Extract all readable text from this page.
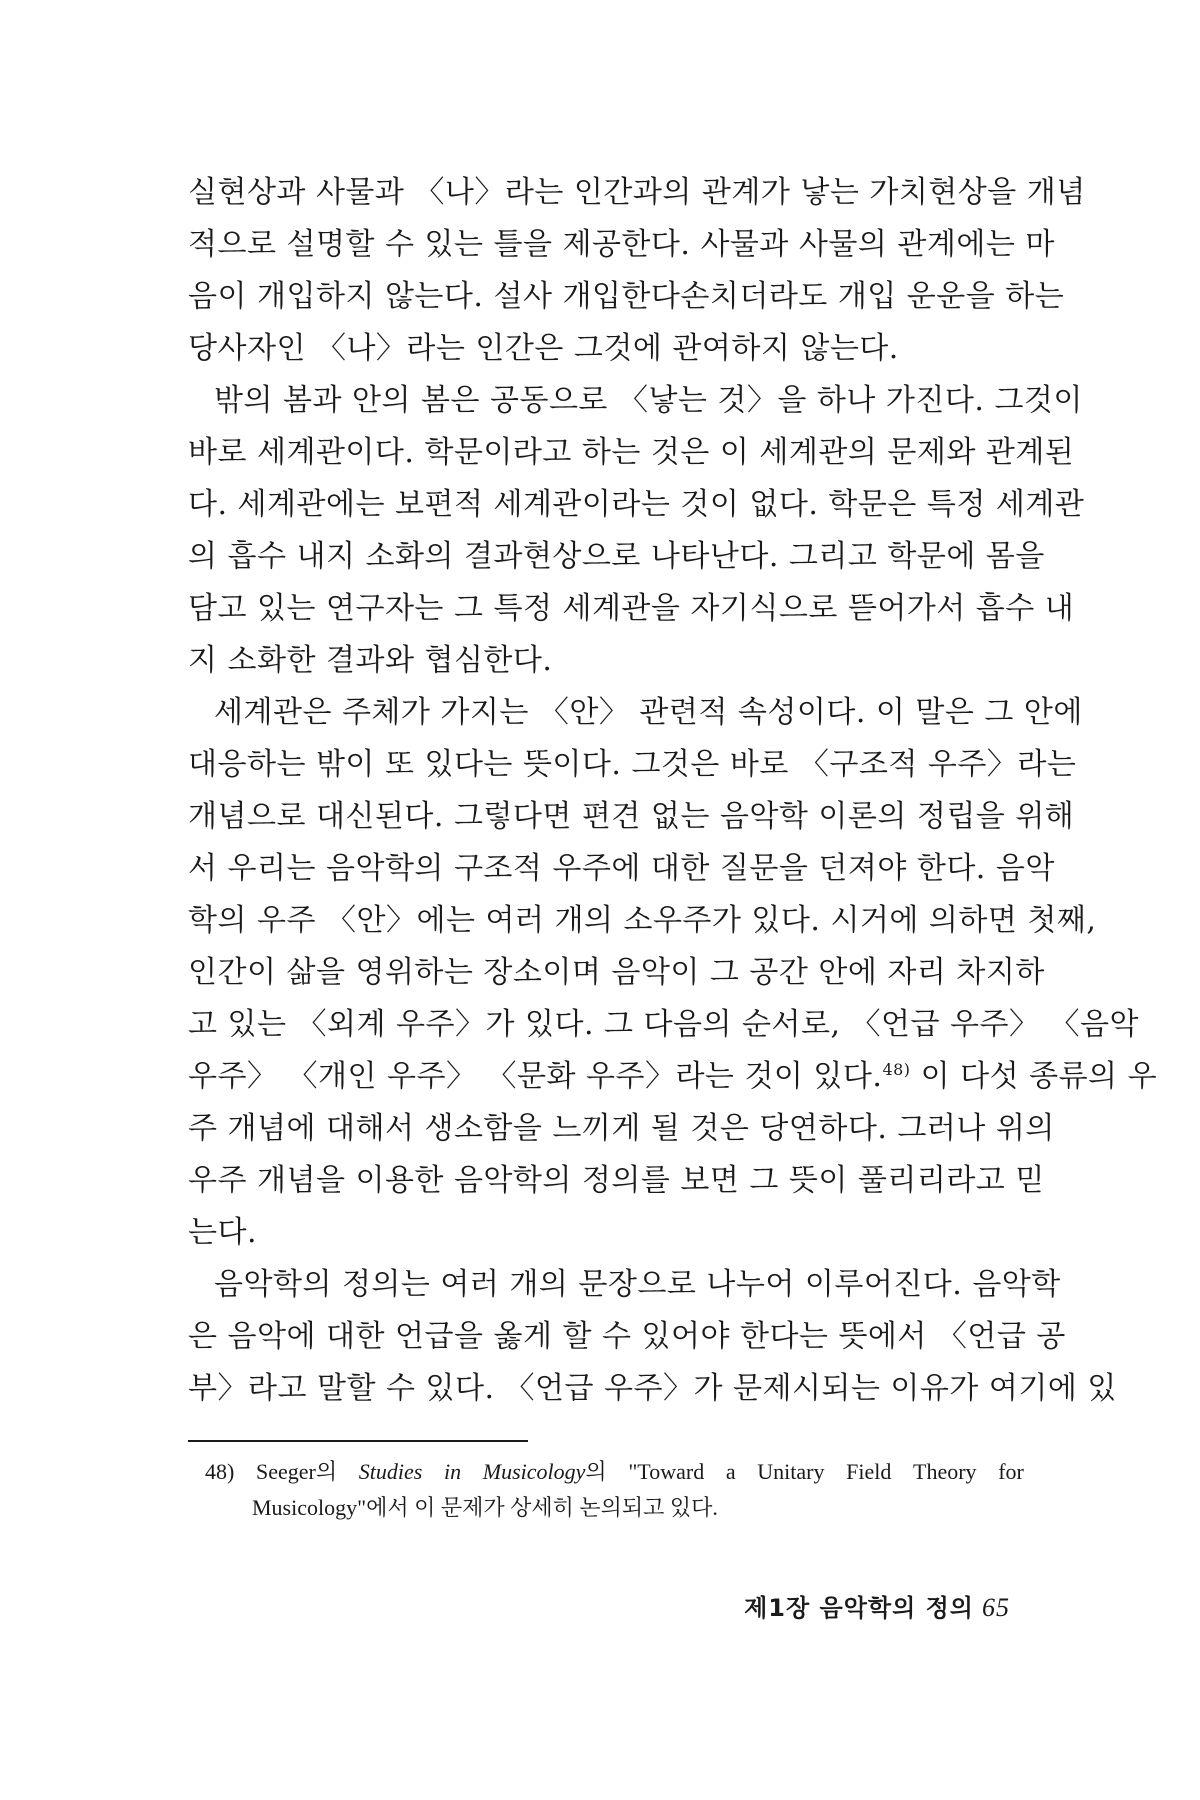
실현상과 사물과 〈나〉라는 인간과의 관계가 낳는 가치현상을 개념
적으로 설명할 수 있는 틀을 제공한다. 사물과 사물의 관계에는 마
음이 개입하지 않는다. 설사 개입한다손치더라도 개입 운운을 하는
당사자인 〈나〉라는 인간은 그것에 관여하지 않는다.
밖의 봄과 안의 봄은 공동으로 〈낳는 것〉을 하나 가진다. 그것이
바로 세계관이다. 학문이라고 하는 것은 이 세계관의 문제와 관계된
다. 세계관에는 보편적 세계관이라는 것이 없다. 학문은 특정 세계관
의 흡수 내지 소화의 결과현상으로 나타난다. 그리고 학문에 몸을
담고 있는 연구자는 그 특정 세계관을 자기식으로 뜯어가서 흡수 내
지 소화한 결과와 협심한다.
세계관은 주체가 가지는 〈안〉 관련적 속성이다. 이 말은 그 안에
대응하는 밖이 또 있다는 뜻이다. 그것은 바로 〈구조적 우주〉라는
개념으로 대신된다. 그렇다면 편견 없는 음악학 이론의 정립을 위해
서 우리는 음악학의 구조적 우주에 대한 질문을 던져야 한다. 음악
학의 우주 〈안〉에는 여러 개의 소우주가 있다. 시거에 의하면 첫째,
인간이 삶을 영위하는 장소이며 음악이 그 공간 안에 자리 차지하
고 있는 〈외계 우주〉가 있다. 그 다음의 순서로, 〈언급 우주〉 〈음악
우주〉 〈개인 우주〉 〈문화 우주〉라는 것이 있다.$^{48)}$ 이 다섯 종류의 우
주 개념에 대해서 생소함을 느끼게 될 것은 당연하다. 그러나 위의
우주 개념을 이용한 음악학의 정의를 보면 그 뜻이 풀리리라고 믿
는다.
음악학의 정의는 여러 개의 문장으로 나누어 이루어진다. 음악학
은 음악에 대한 언급을 옳게 할 수 있어야 한다는 뜻에서 〈언급 공
부〉라고 말할 수 있다. 〈언급 우주〉가 문제시되는 이유가 여기에 있
48) Seeger의 Studies in Musicology의 "Toward a Unitary Field Theory for
Musicology"에서 이 문제가 상세히 논의되고 있다.
제1장 음악학의 정의 65
